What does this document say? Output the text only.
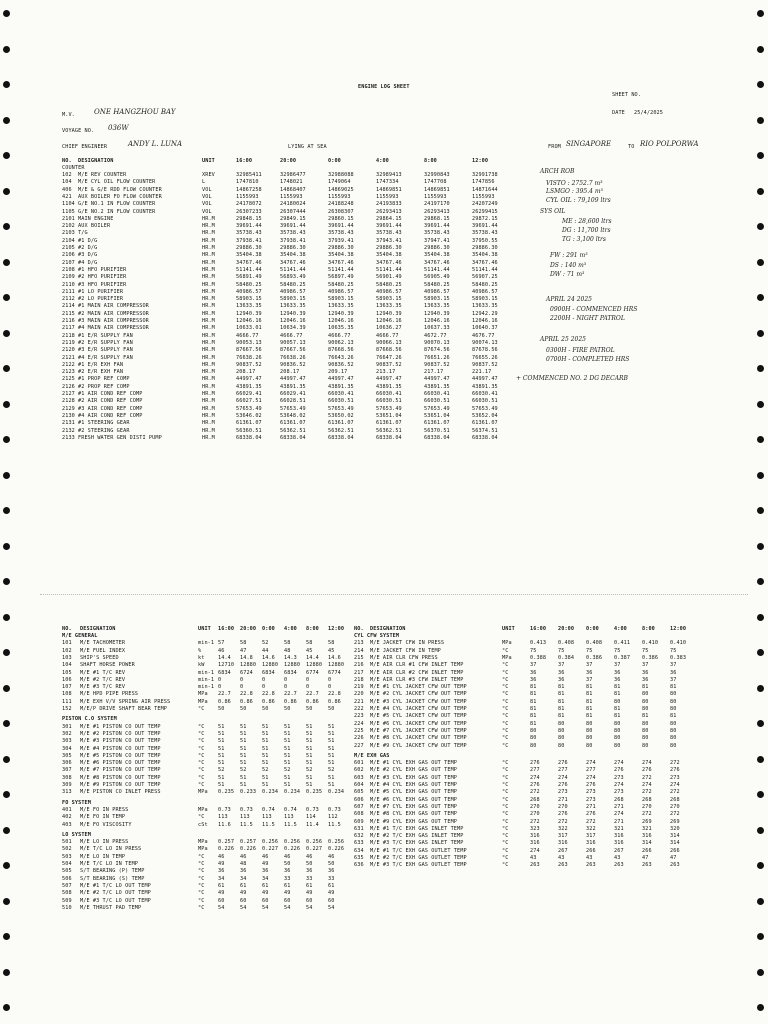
ENGINE LOG SHEET
SHEET NO.
M.V.	ONE HANGZHOU BAY	DATE 25/4/2025
VOYAGE NO. 036W
CHIEF ENGINEER	ANDY L. LUNA	LYING AT SEA	FROM SINGAPORE	TO RIO POLPORWA
NO. DESIGNATION	UNIT	16:00	20:00	0:00	4:00	8:00	12:00
COUNTER
102 M/E REV COUNTER	XREV	32985411	32986477	32988088	32989413	32990843	32991738
104 M/E CYL OIL FLOW COUNTER	L	1747810	1748021	1749064	1747334	1747708	1747856
406 M/E & G/E RDD FLOW COUNTER	VOL	14867258	14868407	14869025	14869851	14869851	14871644
421 AUX BOILER FO FLOW COUNTER	VOL	1155993	1155993	1155993	1155993	1155993	1155993
1104 G/E NO.1 IN FLOW COUNTER	VOL	24178072	24180024	24188248	24193833	24197170	24207249
1105 G/E NO.2 IN FLOW COUNTER	VOL	26307233	26307444	26308307	26293413	26293413	26299415
2101 MAIN ENGINE	HR.M	29848.15	29849.15	29860.15	29864.15	29868.15	29872.15
2102 AUX BOILER	HR.M	39691.44	39691.44	39691.44	39691.44	39691.44	39691.44
2103 T/G	HR.M	35738.43	35738.43	35738.43	35738.43	35738.43	35738.43
2104 #1 D/G	HR.M	37938.41	37938.41	37939.41	37943.41	37947.41	37950.55
2105 #2 D/G	HR.M	29886.30	29886.30	29886.30	29886.30	29886.30	29886.30
2106 #3 D/G	HR.M	35404.38	35404.38	35404.38	35404.38	35404.38	35404.38
2107 #4 D/G	HR.M	34767.46	34767.46	34767.46	34767.46	34767.46	34767.46
2108 #1 HFO PURIFIER	HR.M	51141.44	51141.44	51141.44	51141.44	51141.44	51141.44
2109 #2 HFO PURIFIER	HR.M	56891.49	56893.49	56897.49	56901.49	56905.49	56907.25
2110 #3 HFO PURIFIER	HR.M	58480.25	58480.25	58480.25	58480.25	58480.25	58480.25
2111 #1 LO PURIFIER	HR.M	40986.57	40986.57	40986.57	40986.57	40986.57	40986.57
2112 #2 LO PURIFIER	HR.M	58903.15	58903.15	58903.15	58903.15	58903.15	58903.15
2114 #1 MAIN AIR COMPRESSOR	HR.M	13633.35	13633.35	13633.35	13633.35	13633.35	13633.35
2115 #2 MAIN AIR COMPRESSOR	HR.M	12940.39	12940.39	12940.39	12940.39	12940.39	12942.29
2116 #3 MAIN AIR COMPRESSOR	HR.M	12046.16	12046.16	12046.16	12046.16	12046.16	12046.16
2117 #4 MAIN AIR COMPRESSOR	HR.M	10633.01	10634.39	10635.35	10636.27	10637.33	10640.37
2118 #1 E/R SUPPLY FAN	HR.M	4666.77	4666.77	4666.77	4666.77	4672.77	4676.77
2119 #2 E/R SUPPLY FAN	HR.M	90053.13	90057.13	90062.13	90066.13	90070.13	90074.13
2120 #3 E/R SUPPLY FAN	HR.M	87667.56	87667.56	87668.56	87668.56	87674.56	87678.56
2121 #4 E/R SUPPLY FAN	HR.M	76638.26	76638.26	76643.26	76647.26	76651.26	76655.26
2122 #1 E/R EXH FAN	HR.M	90837.52	90836.52	90836.52	90837.52	90837.52	90837.52
2123 #2 E/R EXH FAN	HR.M	208.17	208.17	209.17	213.17	217.17	221.17
2125 #1 PROP REF COMP	HR.M	44997.47	44997.47	44997.47	44997.47	44997.47	44997.47
2126 #2 PROP REF COMP	HR.M	43891.35	43891.35	43891.35	43891.35	43891.35	43891.35
2127 #1 AIR COND REF COMP	HR.M	66029.41	66029.41	66030.41	66030.41	66030.41	66030.41
2128 #2 AIR COND REF COMP	HR.M	66027.51	66028.51	66030.51	66030.51	66030.51	66030.51
2129 #3 AIR COND REF COMP	HR.M	57653.49	57653.49	57653.49	57653.49	57653.49	57653.49
2130 #4 AIR COND REF COMP	HR.M	53646.02	53648.02	53650.02	53651.04	53651.04	53652.04
2131 #1 STEERING GEAR	HR.M	61361.07	61361.07	61361.07	61361.07	61361.07	61361.07
2132 #2 STEERING GEAR	HR.M	56360.51	56362.51	56362.51	56362.51	56370.51	56374.51
2133 FRESH WATER GEN DISTI PUMP	HR.M	68338.04	68338.04	68338.04	68338.04	68338.04	68338.04
ARCH ROB
VISTO : 2752.7 m³
LSMGO : 395.4 m³
CYL OIL : 79,109 ltrs
SYS OIL
ME : 28,600 ltrs
DG : 11,700 ltrs
TG : 3,100 ltrs
FW : 291 m³
DS : 140 m³
DW : 71 m³
APRIL 24 2025
0900H - COMMENCED HRS
2200H - NIGHT PATROL
APRIL 25 2025
0300H - FIRE PATROL
0700H - COMPLETED HRS
+ COMMENCED NO. 2 DG DECARB
NO. DESIGNATION	UNIT 16:00 20:00 0:00 4:00 8:00 12:00
M/E GENERAL
101 M/E TACHOMETER	min-1 57	58	52	58	58	58
102 M/E FUEL INDEX	%	46	47	44	48	45	45
103 SHIP'S SPEED	kt	14.4 14.8 14.6 14.3 14.4 14.6
104 SHAFT HORSE POWER	kW	12710 12880 12880 12880 12880 12880
105 M/E #1 T/C REV	min-1 6834 6724 6834 6834 6774 6774
106 M/E #2 T/C REV	min-1 0	0	0	0	0	0
107 M/E #3 T/C REV	min-1 0	0	0	0	0	0
108 M/E HPD PIPE PRESS	MPa 22.7 22.8 22.8 22.7 22.7 22.8
111 M/E EXH V/V SPRING AIR PRESS	MPa 0.86 0.86 0.86 0.86 0.86 0.86
152 M/E/P DRIVE SHAFT BEAR TEMP	°C	50	50	50	50	50	50
PISTON C.O SYSTEM
301 M/E #1 PISTON CO OUT TEMP	°C	51	51	51	51	51	51
302 M/E #2 PISTON CO OUT TEMP	°C	51	51	51	51	51	51
303 M/E #3 PISTON CO OUT TEMP	°C	51	51	51	51	51	51
304 M/E #4 PISTON CO OUT TEMP	°C	51	51	51	51	51	51
305 M/E #5 PISTON CO OUT TEMP	°C	51	51	51	51	51	51
306 M/E #6 PISTON CO OUT TEMP	°C	51	51	51	51	51	51
307 M/E #7 PISTON CO OUT TEMP	°C	52	52	52	52	52	52
308 M/E #8 PISTON CO OUT TEMP	°C	51	51	51	51	51	51
309 M/E #9 PISTON CO OUT TEMP	°C	51	51	51	51	51	51
313 M/E PISTON CO INLET PRESS	MPa 0.235 0.233 0.234 0.234 0.235 0.234
FO SYSTEM
401 M/E FO IN PRESS	MPa 0.73 0.73 0.74 0.74 0.73 0.73
402 M/E FO IN TEMP	°C	113 113 113 113 114 112
403 M/E FO VISCOSITY	cSt 11.6 11.5 11.5 11.5 11.4 11.5
LO SYSTEM
501 M/E LO IN PRESS	MPa 0.257 0.257 0.256 0.256 0.256 0.256
502 M/E T/C LO IN PRESS	MPa 0.226 0.226 0.227 0.226 0.227 0.226
503 M/E LO IN TEMP	°C	46	46	46	46	46	46
504 M/E T/C LO IN TEMP	°C	49	48	49	50	50	50
505 S/T BEARING (P) TEMP	°C	36	36	36	36	36	36
506 S/T BEARING (S) TEMP	°C	34	34	34	33	33	33
507 M/E #1 T/C LO OUT TEMP	°C	61	61	61	61	61	61
508 M/E #2 T/C LO OUT TEMP	°C	49	49	49	49	49	49
509 M/E #3 T/C LO OUT TEMP	°C	60	60	60	60	60	60
510 M/E THRUST PAD TEMP	°C	54	54	54	54	54	54
NO. DESIGNATION	UNIT	16:00 20:00 0:00	4:00	8:00	12:00
CYL CFW SYSTEM
213 M/E JACKET CFW IN PRESS	MPa	0.413 0.408 0.408 0.411 0.410 0.410
214 M/E JACKET CFW IN TEMP	°C	75	75	75	75	75	75
215 M/E AIR CLR CFW PRESS	MPa	0.388 0.384 0.386 0.387 0.386 0.383
216 M/E AIR CLR #1 CFW INLET TEMP	°C	37	37	37	37	37	37
217 M/E AIR CLR #2 CFW INLET TEMP	°C	36	36	36	36	36	36
218 M/E AIR CLR #3 CFW INLET TEMP	°C	36	36	37	36	36	37
219 M/E #1 CYL JACKET CFW OUT TEMP	°C	81	81	81	81	81	81
220 M/E #2 CYL JACKET CFW OUT TEMP	°C	81	81	81	81	80	80
221 M/E #3 CYL JACKET CFW OUT TEMP	°C	81	81	81	80	80	80
222 M/E #4 CYL JACKET CFW OUT TEMP	°C	81	81	81	81	80	80
223 M/E #5 CYL JACKET CFW OUT TEMP	°C	81	81	81	81	81	81
224 M/E #6 CYL JACKET CFW OUT TEMP	°C	81	80	80	80	80	80
225 M/E #7 CYL JACKET CFW OUT TEMP	°C	80	80	80	80	80	80
226 M/E #8 CYL JACKET CFW OUT TEMP	°C	80	80	80	80	80	80
227 M/E #9 CYL JACKET CFW OUT TEMP	°C	80	80	80	80	80	80
M/E EXH GAS
601 M/E #1 CYL EXH GAS OUT TEMP	°C	276	276	274	274	274	272
602 M/E #2 CYL EXH GAS OUT TEMP	°C	277	277	277	276	276	276
603 M/E #3 CYL EXH GAS OUT TEMP	°C	274	274	274	273	272	273
604 M/E #4 CYL EXH GAS OUT TEMP	°C	276	276	276	274	274	274
605 M/E #5 CYL EXH GAS OUT TEMP	°C	272	273	273	273	272	272
606 M/E #6 CYL EXH GAS OUT TEMP	°C	268	271	273	268	268	268
607 M/E #7 CYL EXH GAS OUT TEMP	°C	270	270	271	271	270	270
608 M/E #8 CYL EXH GAS OUT TEMP	°C	270	276	276	274	272	272
609 M/E #9 CYL EXH GAS OUT TEMP	°C	272	272	272	271	269	269
631 M/E #1 T/C EXH GAS INLET TEMP	°C	323	322	322	321	321	320
632 M/E #2 T/C EXH GAS INLET TEMP	°C	316	317	317	316	316	314
633 M/E #3 T/C EXH GAS INLET TEMP	°C	316	316	316	316	314	314
634 M/E #1 T/C EXH GAS OUTLET TEMP	°C	274	267	266	267	266	266
635 M/E #2 T/C EXH GAS OUTLET TEMP	°C	43	43	43	43	47	47
636 M/E #3 T/C EXH GAS OUTLET TEMP	°C	263	263	263	263	263	263
